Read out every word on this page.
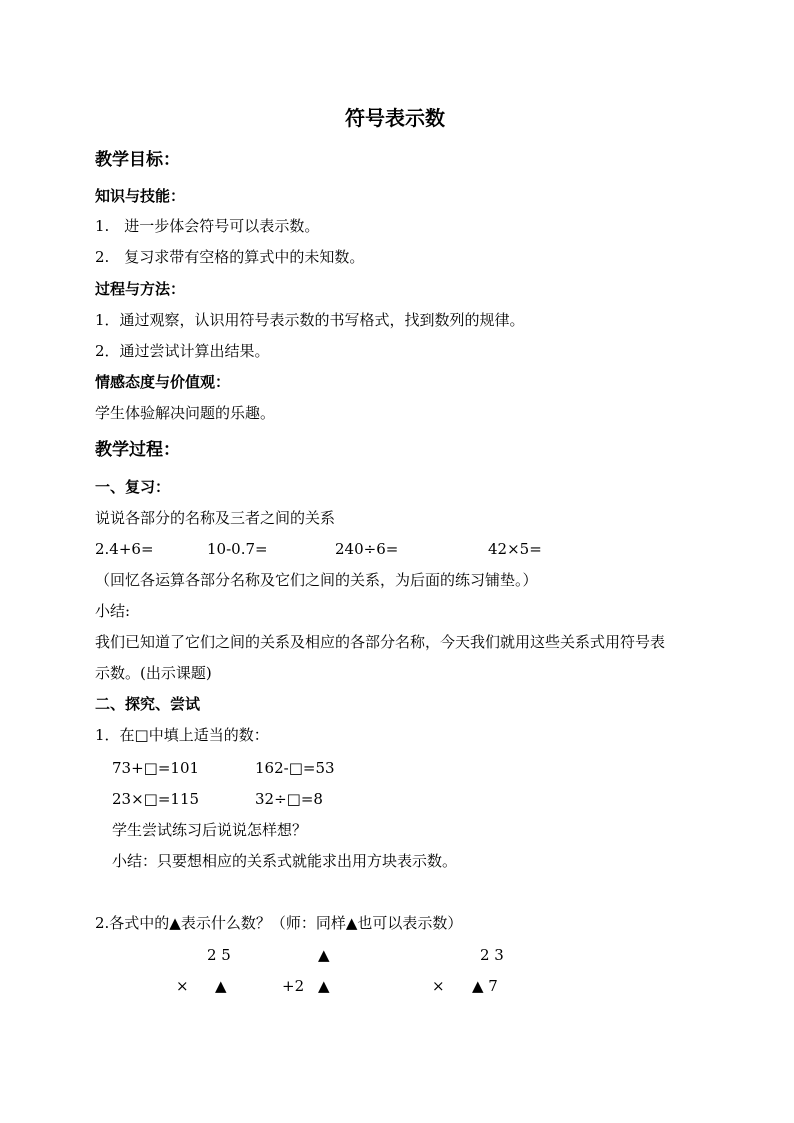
符号表示数
教学目标：
知识与技能：
1.　进一步体会符号可以表示数。
2.　复习求带有空格的算式中的未知数。
过程与方法：
1．通过观察，认识用符号表示数的书写格式，找到数列的规律。
2．通过尝试计算出结果。
情感态度与价值观：
学生体验解决问题的乐趣。
教学过程：
一、复习：
说说各部分的名称及三者之间的关系
2.4+6=	10-0.7=	240÷6=	42×5=
（回忆各运算各部分名称及它们之间的关系，为后面的练习铺垫。）
小结:
我们已知道了它们之间的关系及相应的各部分名称，今天我们就用这些关系式用符号表
示数。(出示课题)
二、探究、尝试
1．在□中填上适当的数：
73+□=101	162-□=53
23×□=115	32÷□=8
学生尝试练习后说说怎样想？
小结：只要想相应的关系式就能求出用方块表示数。
2.各式中的▲表示什么数？（师：同样▲也可以表示数）
2 5	▲	2 3
× ▲	+2 ▲	× ▲ 7
